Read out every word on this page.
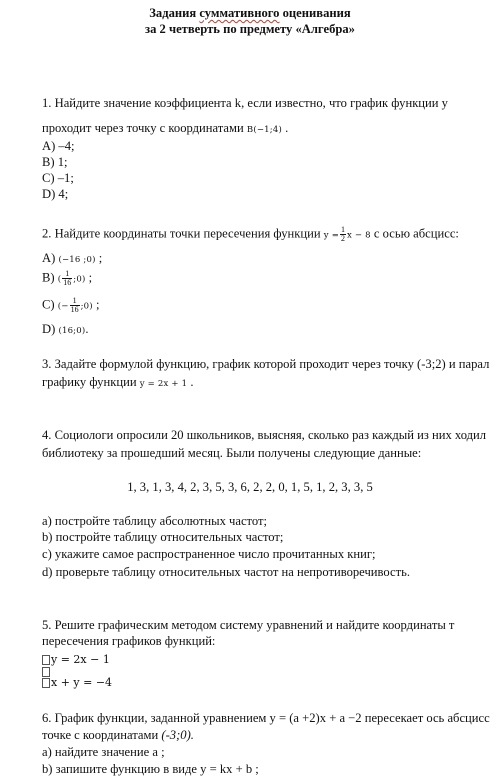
Задания суммативного оценивания
за 2 четверть по предмету «Алгебра»
1. Найдите значение коэффициента k, если известно, что график функции у
проходит через точку с координатами B(−1;4) .
A) –4;
B) 1;
C) –1;
D) 4;
2. Найдите координаты точки пересечения функции $y = \frac{1}{2}$ x − 8 с осью абсцисс:
A) (−16 ;0) ;
B) ( $\frac{1}{16}$ ;0) ;
C) (− $\frac{1}{16}$ ;0) ;
D) (16;0).
3. Задайте формулой функцию, график которой проходит через точку (-3;2) и парал
графику функции y = 2x + 1 .
4. Социологи опросили 20 школьников, выясняя, сколько раз каждый из них ходил
библиотеку за прошедший месяц. Были получены следующие данные:
1, 3, 1, 3, 4, 2, 3, 5, 3, 6, 2, 2, 0, 1, 5, 1, 2, 3, 3, 5
a) постройте таблицу абсолютных частот;
b) постройте таблицу относительных частот;
c) укажите самое распространенное число прочитанных книг;
d) проверьте таблицу относительных частот на непротиворечивость.
5. Решите графическим методом систему уравнений и найдите координаты т
пересечения графиков функций:
y = 2x − 1
x + y = −4
6. График функции, заданной уравнением y = (a +2)x + a −2 пересекает ось абсцисс
точке с координатами (-3;0).
а) найдите значение a ;
b) запишите функцию в виде y = kx + b ;
